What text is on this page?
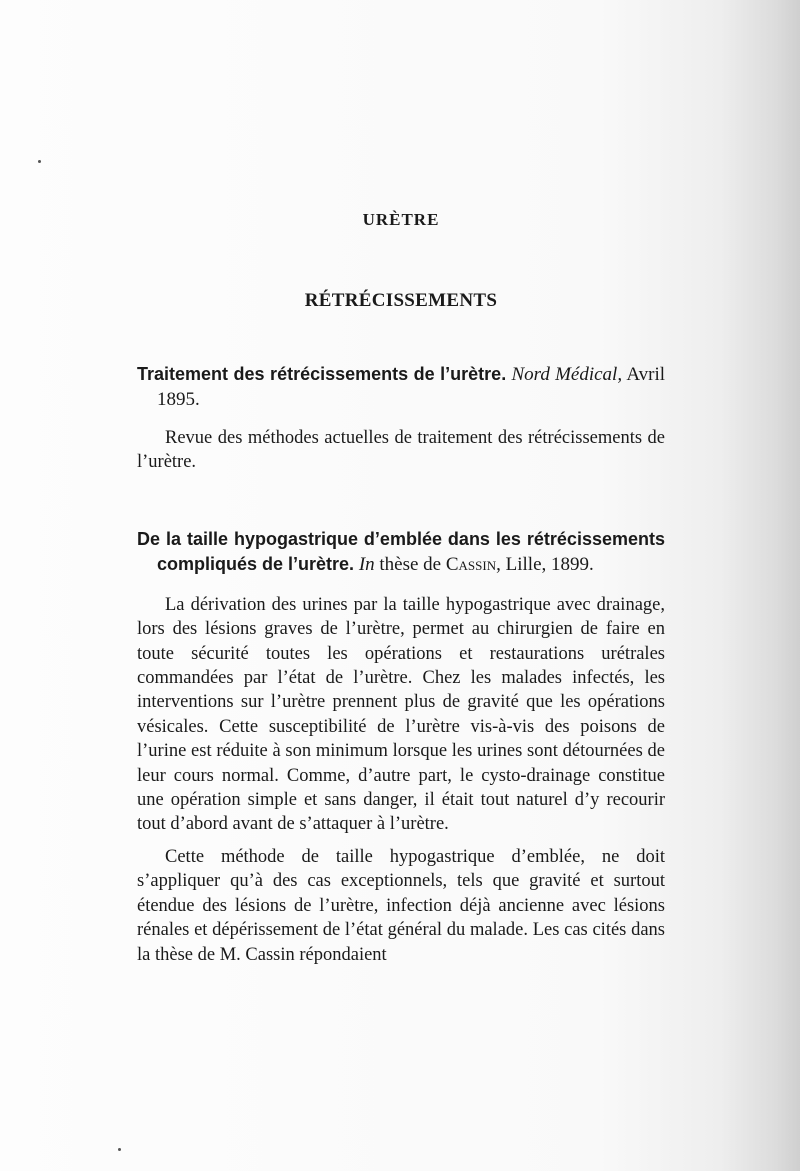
URÈTRE
RÉTRÉCISSEMENTS

Traitement des rétrécissements de l’urètre. Nord Médical, Avril 1895.

Revue des méthodes actuelles de traitement des rétrécissements de l’urètre.

De la taille hypogastrique d’emblée dans les rétrécissements compliqués de l’urètre. In thèse de Cassin, Lille, 1899.

La dérivation des urines par la taille hypogastrique avec drainage, lors des lésions graves de l’urètre, permet au chirurgien de faire en toute sécurité toutes les opérations et restaurations urétrales commandées par l’état de l’urètre. Chez les malades infectés, les interventions sur l’urètre prennent plus de gravité que les opérations vésicales. Cette susceptibilité de l’urètre vis-à-vis des poisons de l’urine est réduite à son minimum lorsque les urines sont détournées de leur cours normal. Comme, d’autre part, le cysto-drainage constitue une opération simple et sans danger, il était tout naturel d’y recourir tout d’abord avant de s’attaquer à l’urètre.

Cette méthode de taille hypogastrique d’emblée, ne doit s’appliquer qu’à des cas exceptionnels, tels que gravité et surtout étendue des lésions de l’urètre, infection déjà ancienne avec lésions rénales et dépérissement de l’état général du malade. Les cas cités dans la thèse de M. Cassin répondaient
